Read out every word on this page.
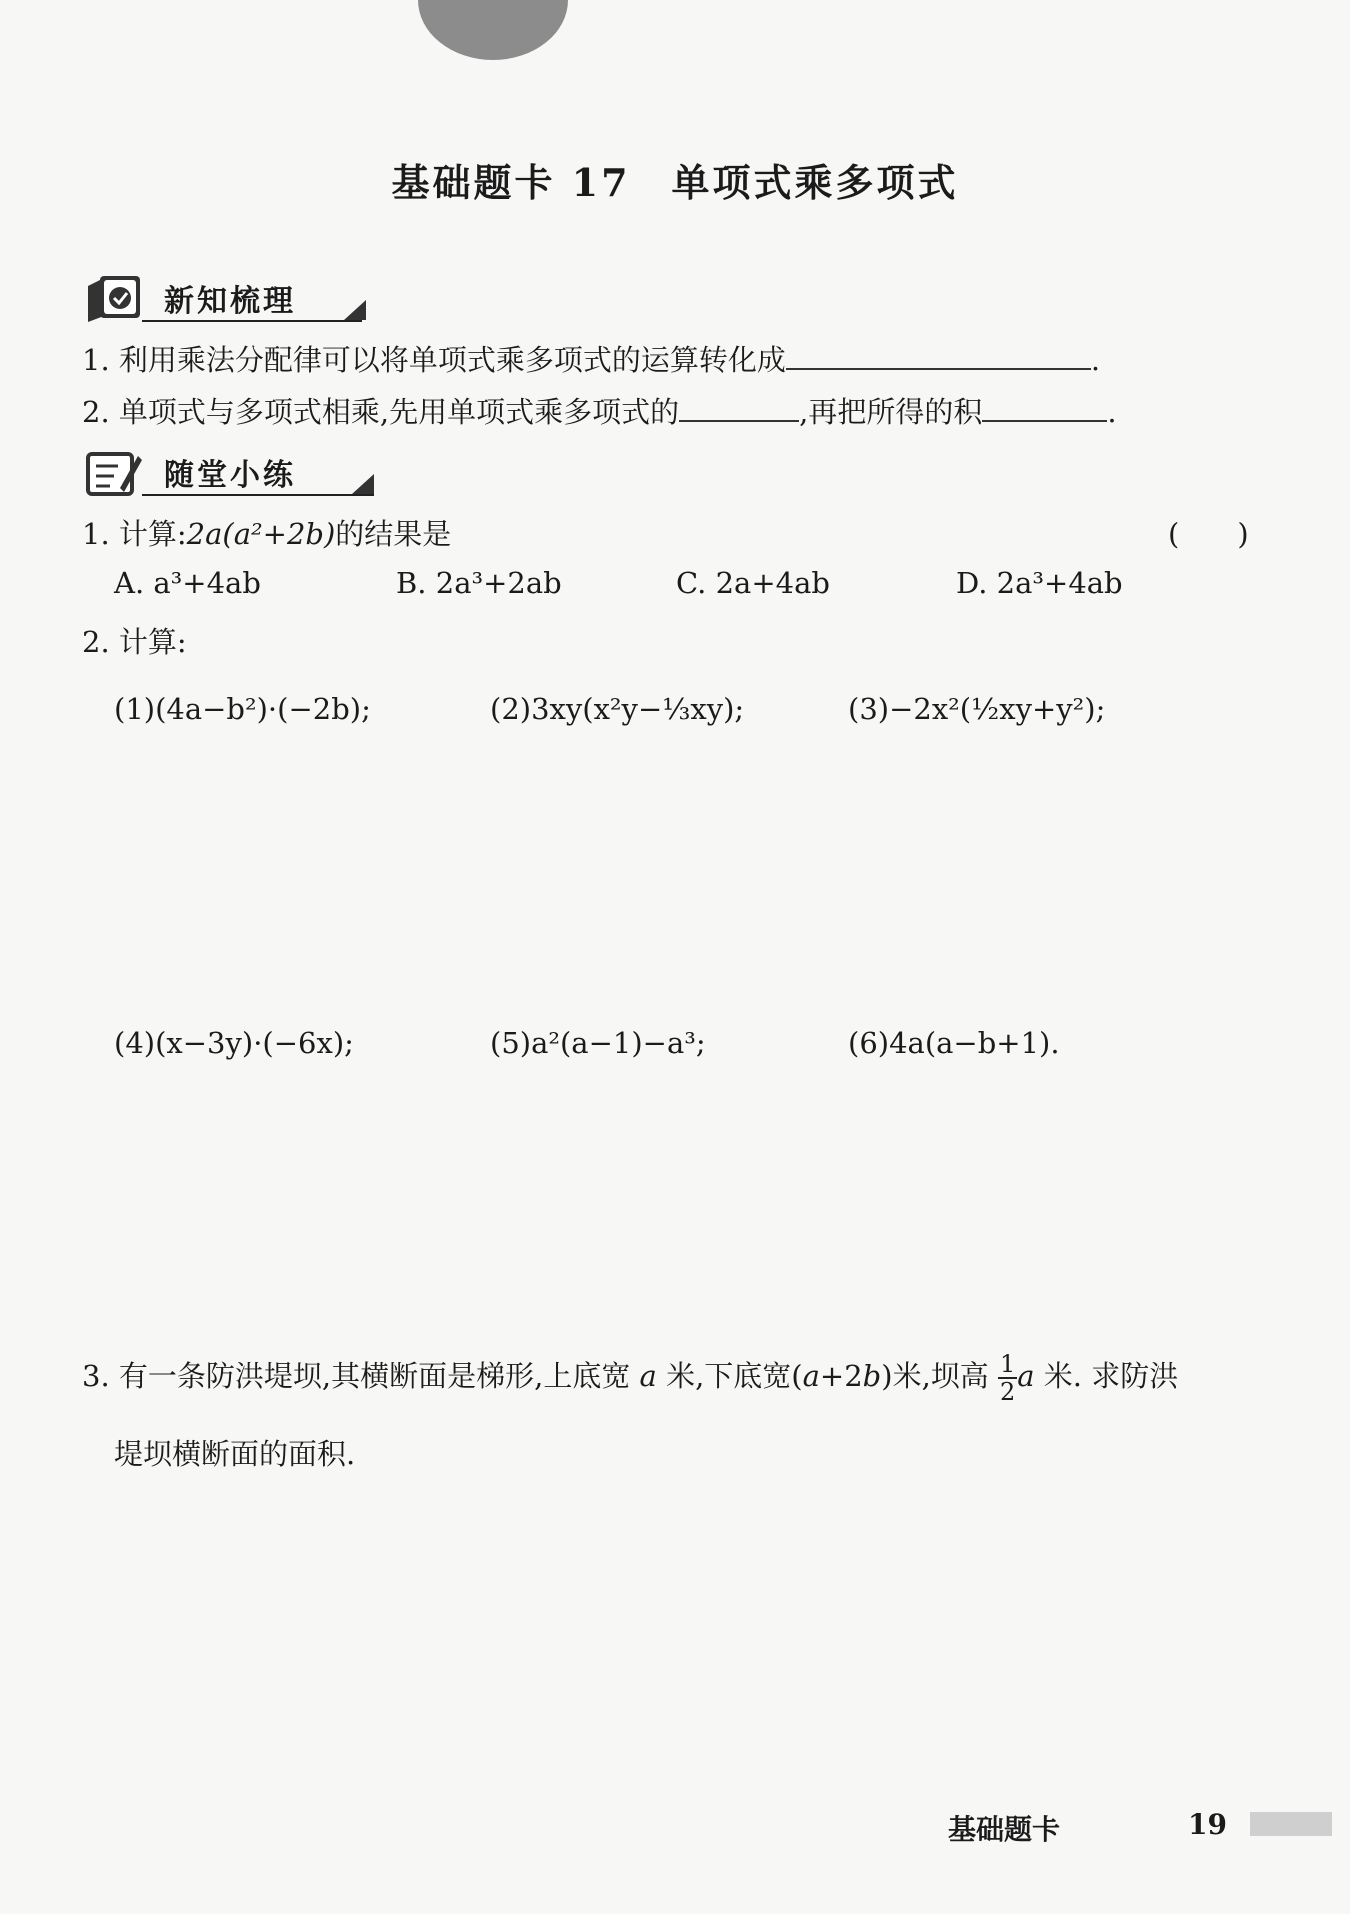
基础题卡 17　单项式乘多项式
新知梳理
1. 利用乘法分配律可以将单项式乘多项式的运算转化成	.
2. 单项式与多项式相乘,先用单项式乘多项式的	,再把所得的积	.
随堂小练
1. 计算:2a(a²+2b)的结果是	(　　)
A. a³+4ab	B. 2a³+2ab	C. 2a+4ab	D. 2a³+4ab
2. 计算:
(1)(4a−b²)·(−2b);	(2)3xy(x²y−⅓xy);	(3)−2x²(½xy+y²);
(4)(x−3y)·(−6x);	(5)a²(a−1)−a³;	(6)4a(a−b+1).
3. 有一条防洪堤坝,其横断面是梯形,上底宽 a 米,下底宽(a+2b)米,坝高 $\frac{1}{2}$ a 米. 求防洪
堤坝横断面的面积.
基础题卡	19
